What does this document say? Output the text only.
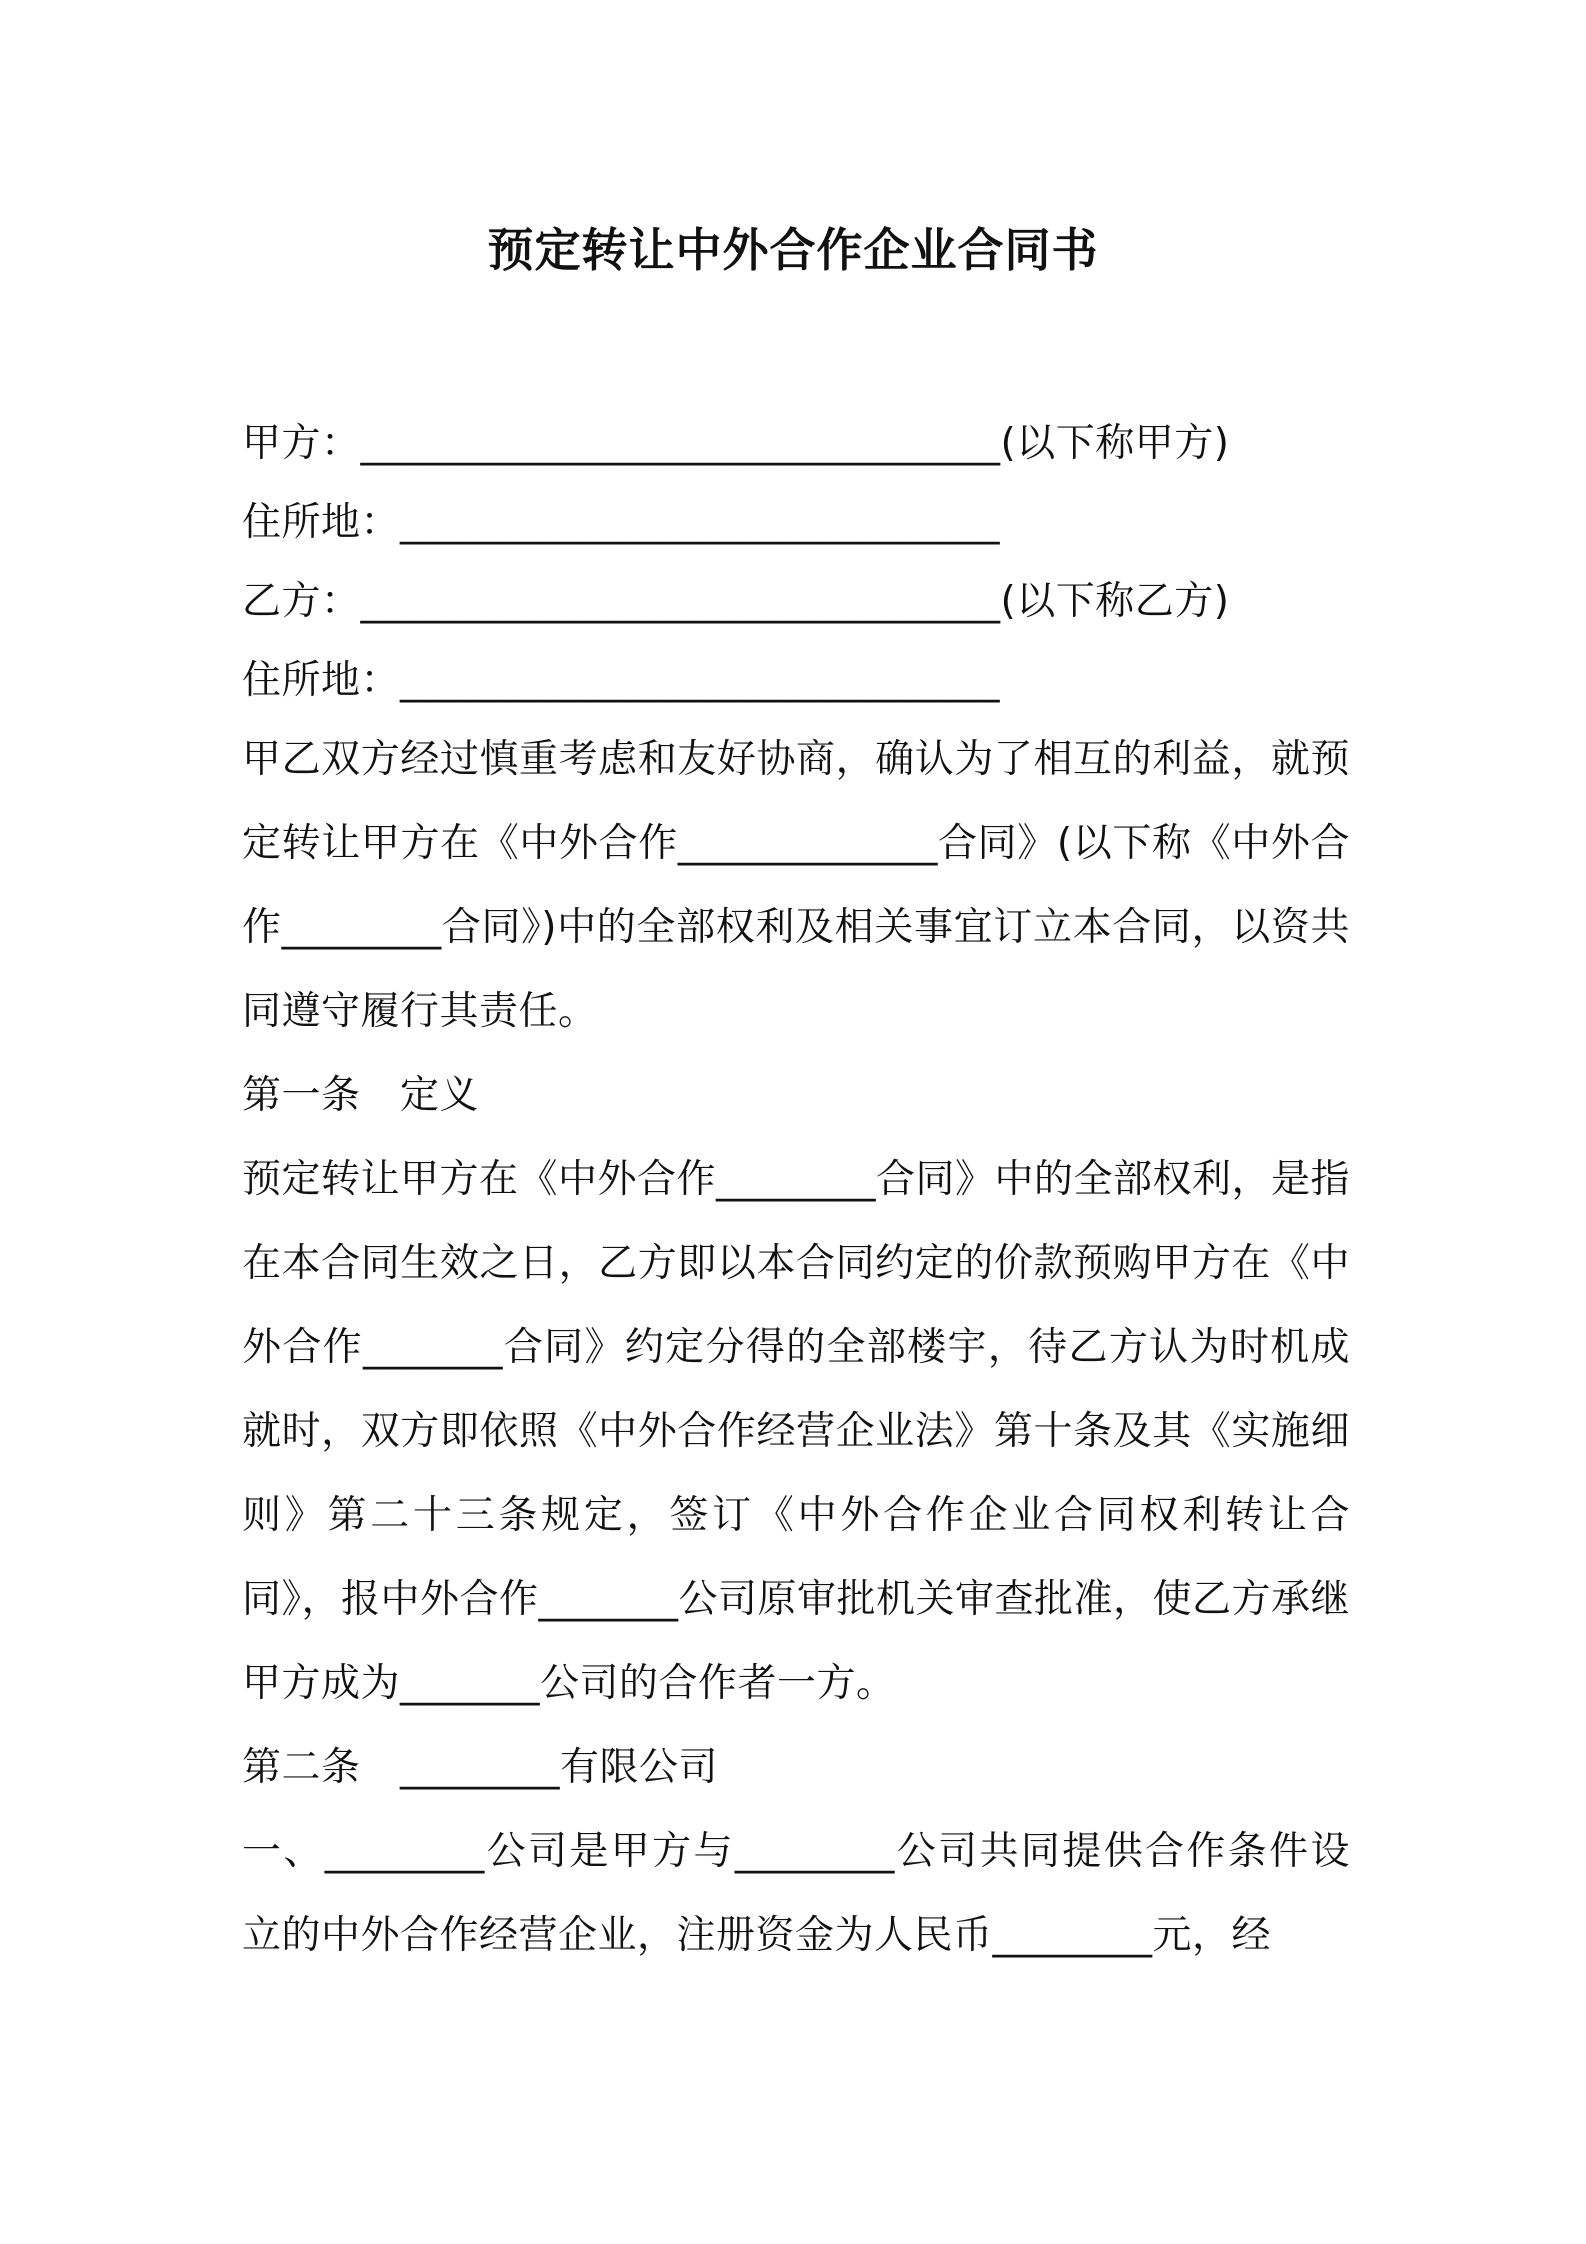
预定转让中外合作企业合同书
甲方：________________________________(以下称甲方)
住所地：______________________________
乙方：________________________________(以下称乙方)
住所地：______________________________
甲乙双方经过慎重考虑和友好协商，确认为了相互的利益，就预定转让甲方在《中外合作_____________合同》(以下称《中外合作________合同》)中的全部权利及相关事宜订立本合同，以资共同遵守履行其责任。
第一条　定义
预定转让甲方在《中外合作________合同》中的全部权利，是指在本合同生效之日，乙方即以本合同约定的价款预购甲方在《中外合作_______合同》约定分得的全部楼宇，待乙方认为时机成就时，双方即依照《中外合作经营企业法》第十条及其《实施细则》第二十三条规定，签订《中外合作企业合同权利转让合同》，报中外合作_______公司原审批机关审查批准，使乙方承继甲方成为_______公司的合作者一方。
第二条　________有限公司
一、________公司是甲方与________公司共同提供合作条件设立的中外合作经营企业，注册资金为人民币________元，经
